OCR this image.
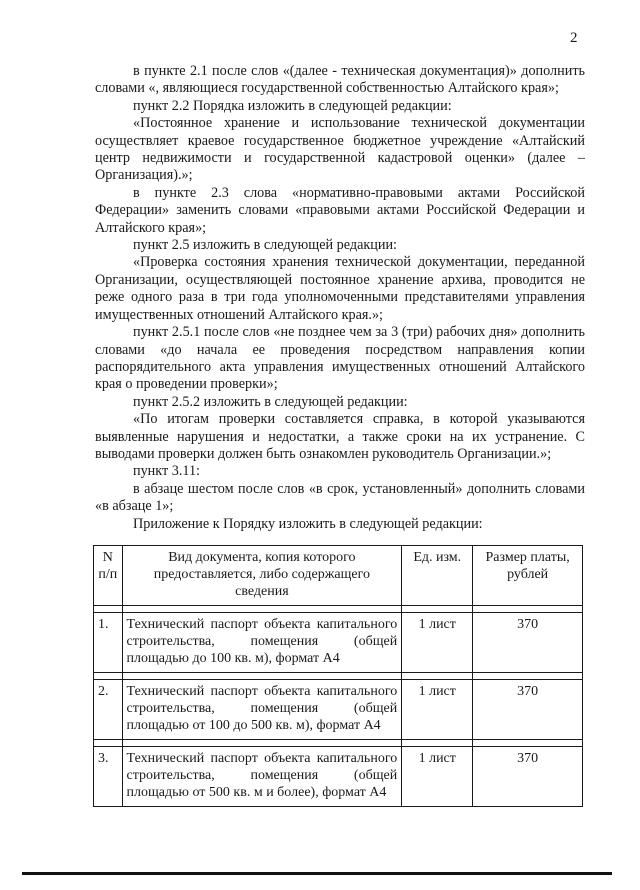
2

в пункте 2.1 после слов «(далее - техническая документация)» дополнить словами «, являющиеся государственной собственностью Алтайского края»;

пункт 2.2 Порядка изложить в следующей редакции:

«Постоянное хранение и использование технической документации осуществляет краевое государственное бюджетное учреждение «Алтайский центр недвижимости и государственной кадастровой оценки» (далее – Организация).»;

в пункте 2.3 слова «нормативно-правовыми актами Российской Федерации» заменить словами «правовыми актами Российской Федерации и Алтайского края»;

пункт 2.5 изложить в следующей редакции:

«Проверка состояния хранения технической документации, переданной Организации, осуществляющей постоянное хранение архива, проводится не реже одного раза в три года уполномоченными представителями управления имущественных отношений Алтайского края.»;

пункт 2.5.1 после слов «не позднее чем за 3 (три) рабочих дня» дополнить словами «до начала ее проведения посредством направления копии распорядительного акта управления имущественных отношений Алтайского края о проведении проверки»;

пункт 2.5.2 изложить в следующей редакции:

«По итогам проверки составляется справка, в которой указываются выявленные нарушения и недостатки, а также сроки на их устранение. С выводами проверки должен быть ознакомлен руководитель Организации.»;

пункт 3.11:

в абзаце шестом после слов «в срок, установленный» дополнить словами «в абзаце 1»;

Приложение к Порядку изложить в следующей редакции:

N п/п	Вид документа, копия которого предоставляется, либо содержащего сведения	Ед. изм.	Размер платы, рублей

1.	Технический паспорт объекта капитального строительства, помещения (общей площадью до 100 кв. м), формат А4	1 лист	370

2.	Технический паспорт объекта капитального строительства, помещения (общей площадью от 100 до 500 кв. м), формат А4	1 лист	370

3.	Технический паспорт объекта капитального строительства, помещения (общей площадью от 500 кв. м и более), формат А4	1 лист	370
